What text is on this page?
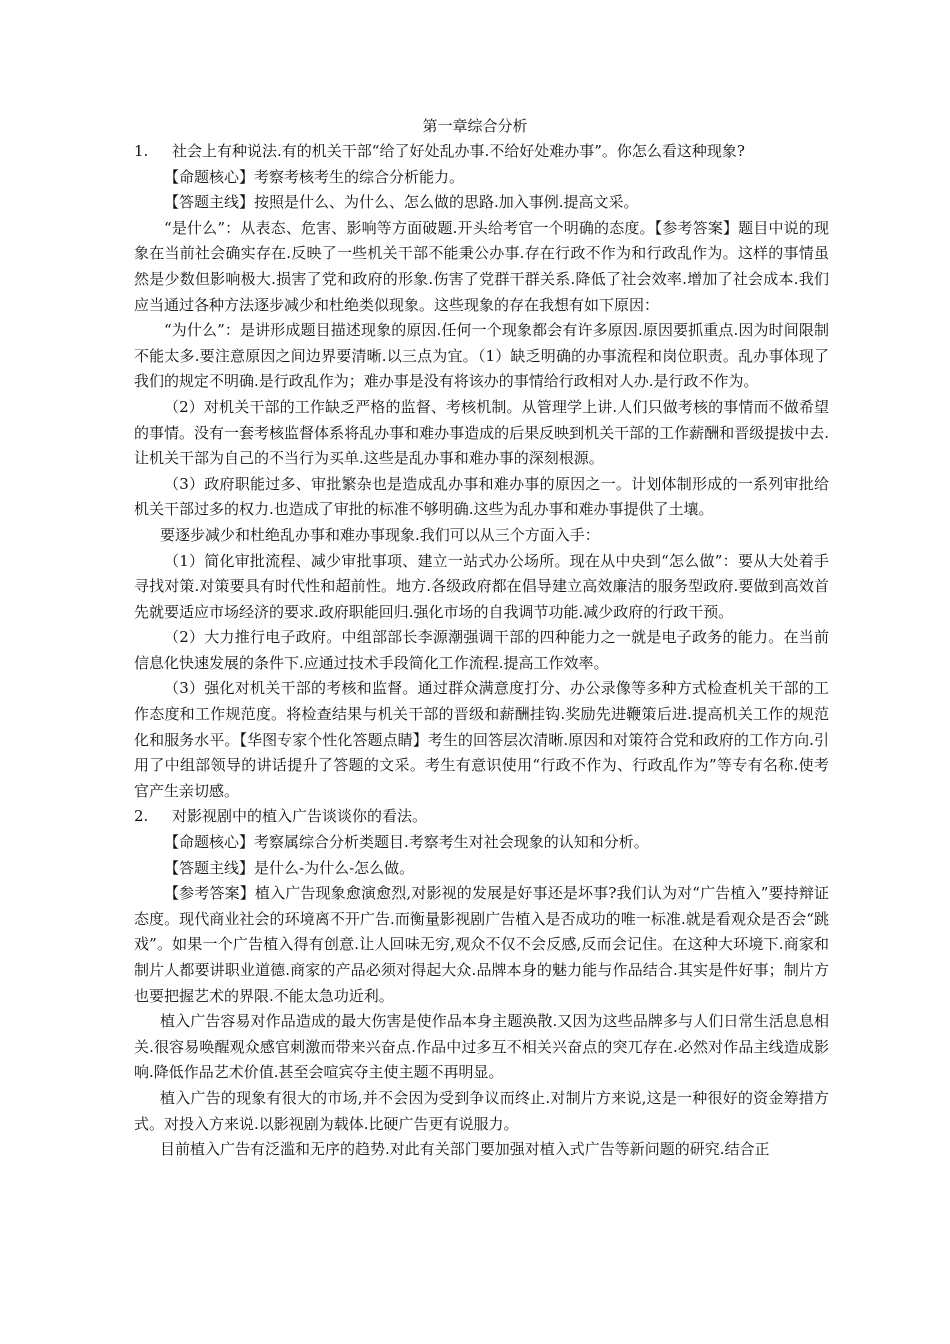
第一章综合分析

1. 社会上有种说法.有的机关干部“给了好处乱办事.不给好处难办事”。你怎么看这种现象?

【命题核心】考察考核考生的综合分析能力。

【答题主线】按照是什么、为什么、怎么做的思路.加入事例.提高文采。

“是什么”：从表态、危害、影响等方面破题.开头给考官一个明确的态度。【参考答案】题目中说的现象在当前社会确实存在.反映了一些机关干部不能秉公办事.存在行政不作为和行政乱作为。这样的事情虽然是少数但影响极大.损害了党和政府的形象.伤害了党群干群关系.降低了社会效率.增加了社会成本.我们应当通过各种方法逐步减少和杜绝类似现象。这些现象的存在我想有如下原因：

“为什么”：是讲形成题目描述现象的原因.任何一个现象都会有许多原因.原因要抓重点.因为时间限制不能太多.要注意原因之间边界要清晰.以三点为宜。（1）缺乏明确的办事流程和岗位职责。乱办事体现了我们的规定不明确.是行政乱作为；难办事是没有将该办的事情给行政相对人办.是行政不作为。

（2）对机关干部的工作缺乏严格的监督、考核机制。从管理学上讲.人们只做考核的事情而不做希望的事情。没有一套考核监督体系将乱办事和难办事造成的后果反映到机关干部的工作薪酬和晋级提拔中去.让机关干部为自己的不当行为买单.这些是乱办事和难办事的深刻根源。

（3）政府职能过多、审批繁杂也是造成乱办事和难办事的原因之一。计划体制形成的一系列审批给机关干部过多的权力.也造成了审批的标准不够明确.这些为乱办事和难办事提供了土壤。

要逐步减少和杜绝乱办事和难办事现象.我们可以从三个方面入手：

（1）简化审批流程、减少审批事项、建立一站式办公场所。现在从中央到“怎么做”：要从大处着手寻找对策.对策要具有时代性和超前性。地方.各级政府都在倡导建立高效廉洁的服务型政府.要做到高效首先就要适应市场经济的要求.政府职能回归.强化市场的自我调节功能.减少政府的行政干预。

（2）大力推行电子政府。中组部部长李源潮强调干部的四种能力之一就是电子政务的能力。在当前信息化快速发展的条件下.应通过技术手段简化工作流程.提高工作效率。

（3）强化对机关干部的考核和监督。通过群众满意度打分、办公录像等多种方式检查机关干部的工作态度和工作规范度。将检查结果与机关干部的晋级和薪酬挂钩.奖励先进鞭策后进.提高机关工作的规范化和服务水平。【华图专家个性化答题点睛】考生的回答层次清晰.原因和对策符合党和政府的工作方向.引用了中组部领导的讲话提升了答题的文采。考生有意识使用“行政不作为、行政乱作为”等专有名称.使考官产生亲切感。

2. 对影视剧中的植入广告谈谈你的看法。

【命题核心】考察属综合分析类题目.考察考生对社会现象的认知和分析。

【答题主线】是什么-为什么-怎么做。

【参考答案】植入广告现象愈演愈烈,对影视的发展是好事还是坏事?我们认为对“广告植入”要持辩证态度。现代商业社会的环境离不开广告.而衡量影视剧广告植入是否成功的唯一标准.就是看观众是否会“跳戏”。如果一个广告植入得有创意.让人回味无穷,观众不仅不会反感,反而会记住。在这种大环境下.商家和制片人都要讲职业道德.商家的产品必须对得起大众.品牌本身的魅力能与作品结合.其实是件好事；制片方也要把握艺术的界限.不能太急功近利。

植入广告容易对作品造成的最大伤害是使作品本身主题涣散.又因为这些品牌多与人们日常生活息息相关.很容易唤醒观众感官刺激而带来兴奋点.作品中过多互不相关兴奋点的突兀存在.必然对作品主线造成影响.降低作品艺术价值.甚至会喧宾夺主使主题不再明显。

植入广告的现象有很大的市场,并不会因为受到争议而终止.对制片方来说,这是一种很好的资金筹措方式。对投入方来说.以影视剧为载体.比硬广告更有说服力。

目前植入广告有泛滥和无序的趋势.对此有关部门要加强对植入式广告等新问题的研究.结合正
